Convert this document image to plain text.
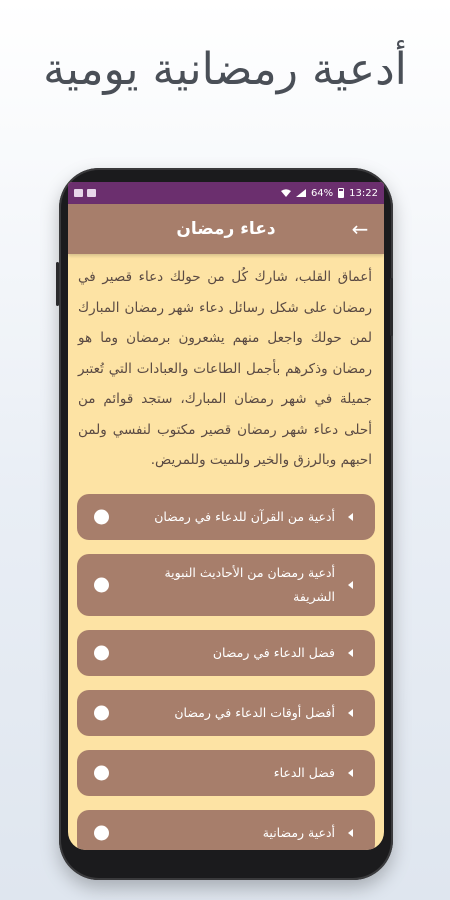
أدعية رمضانية يومية
64% 13:22
دعاء رمضان	←

أعماق القلب، شارك كُل من حولك دعاء قصير في رمضان على شكل رسائل دعاء شهر رمضان المبارك لمن حولك واجعل منهم يشعرون برمضان وما هو رمضان وذكرهم بأجمل الطاعات والعبادات التي تُعتبر جميلة في شهر رمضان المبارك، ستجد قوائم من أحلى دعاء شهر رمضان قصير مكتوب لنفسي ولمن احبهم وبالرزق والخير وللميت وللمريض.

أدعية من القرآن للدعاء في رمضان
أدعية رمضان من الأحاديث النبوية الشريفة
فضل الدعاء في رمضان
أفضل أوقات الدعاء في رمضان
فضل الدعاء
أدعية رمضانية
